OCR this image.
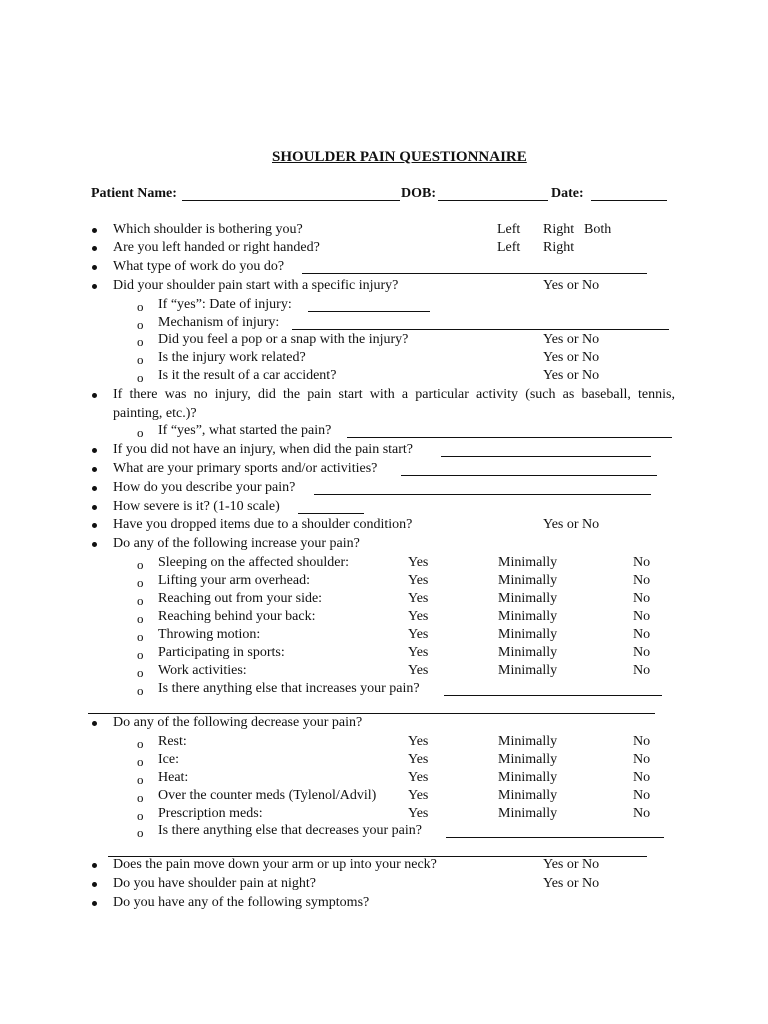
SHOULDER PAIN QUESTIONNAIRE
Patient Name:	DOB:	Date:
Which shoulder is bothering you?	Left Right Both
Are you left handed or right handed?	Left Right
What type of work do you do?
Did your shoulder pain start with a specific injury?	Yes or No
o If “yes”: Date of injury:
o Mechanism of injury:
o Did you feel a pop or a snap with the injury?	Yes or No
o Is the injury work related?	Yes or No
o Is it the result of a car accident?	Yes or No
If there was no injury, did the pain start with a particular activity (such as baseball, tennis,
painting, etc.)?
o If “yes”, what started the pain?
If you did not have an injury, when did the pain start?
What are your primary sports and/or activities?
How do you describe your pain?
How severe is it? (1-10 scale)
Have you dropped items due to a shoulder condition?	Yes or No
Do any of the following increase your pain?
o Sleeping on the affected shoulder:	Yes	Minimally	No
o Lifting your arm overhead:	Yes	Minimally	No
o Reaching out from your side:	Yes	Minimally	No
o Reaching behind your back:	Yes	Minimally	No
o Throwing motion:	Yes	Minimally	No
o Participating in sports:	Yes	Minimally	No
o Work activities:	Yes	Minimally	No
o Is there anything else that increases your pain?
Do any of the following decrease your pain?
o Rest:	Yes	Minimally	No
o Ice:	Yes	Minimally	No
o Heat:	Yes	Minimally	No
o Over the counter meds (Tylenol/Advil) Yes	Minimally	No
o Prescription meds:	Yes	Minimally	No
o Is there anything else that decreases your pain?
Does the pain move down your arm or up into your neck?	Yes or No
Do you have shoulder pain at night?	Yes or No
Do you have any of the following symptoms?
